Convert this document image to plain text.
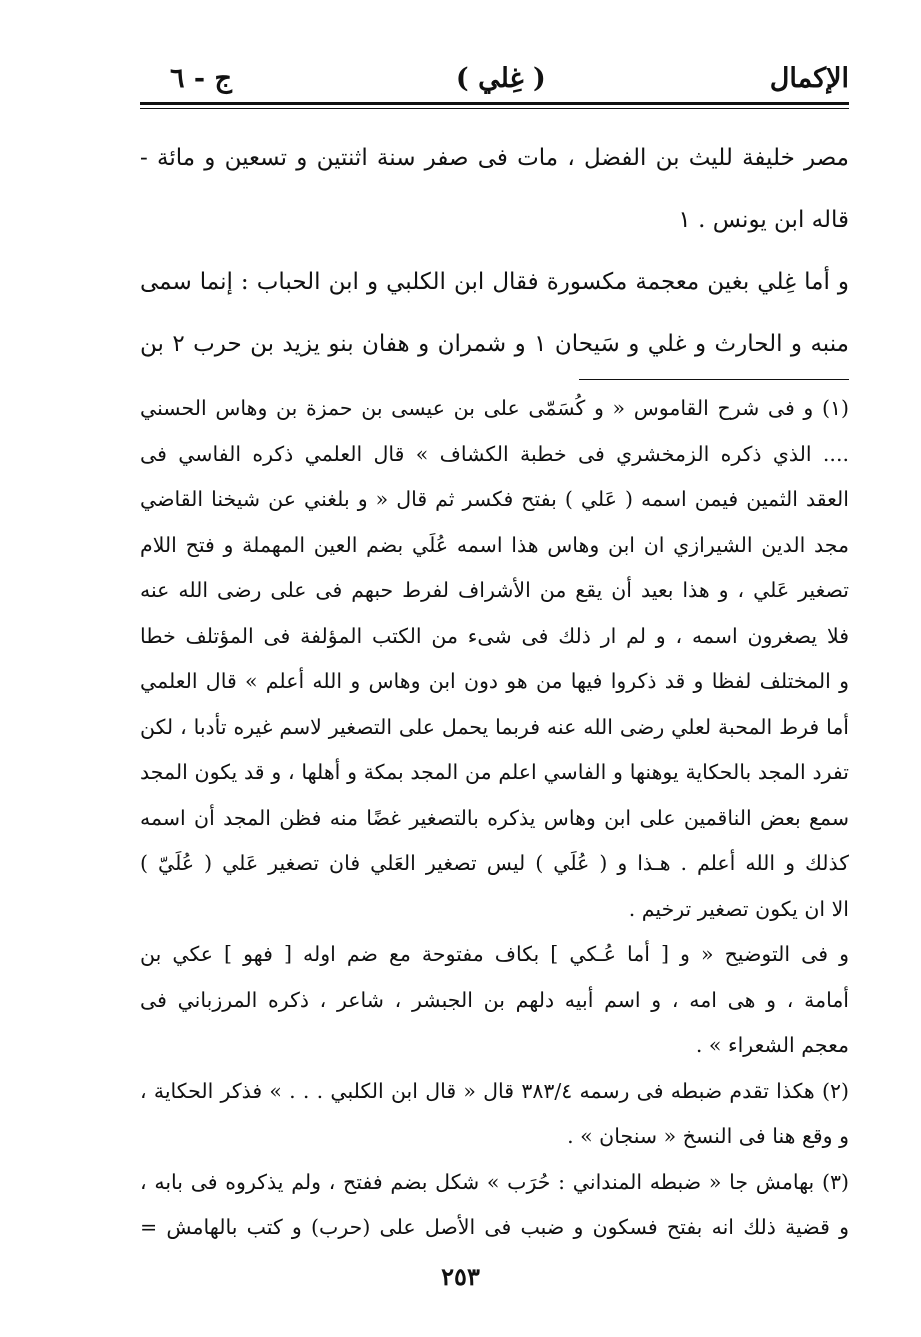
الإكمال
( غِلي )
ج - ٦
مصر خليفة لليث بن الفضل ، مات فى صفر سنة اثنتين و تسعين و مائة -
قاله ابن يونس . ١
و أما غِلي بغين معجمة مكسورة فقال ابن الكلبي و ابن الحباب : إنما سمى
منبه و الحارث و غلي و سَيحان ١ و شمران و هفان بنو يزيد بن حرب ٢ بن
(١) و فى شرح القاموس « و كُسَمّى على بن عيسى بن حمزة بن وهاس الحسني
.... الذي ذكره الزمخشري فى خطبة الكشاف » قال العلمي ذكره الفاسي فى
العقد الثمين فيمن اسمه ( عَلي ) بفتح فكسر ثم قال « و بلغني عن شيخنا القاضي
مجد الدين الشيرازي ان ابن وهاس هذا اسمه عُلَي بضم العين المهملة و فتح اللام
تصغير عَلي ، و هذا بعيد أن يقع من الأشراف لفرط حبهم فى على رضى الله عنه
فلا يصغرون اسمه ، و لم ار ذلك فى شىء من الكتب المؤلفة فى المؤتلف خطا
و المختلف لفظا و قد ذكروا فيها من هو دون ابن وهاس و الله أعلم » قال العلمي
أما فرط المحبة لعلي رضى الله عنه فربما يحمل على التصغير لاسم غيره تأدبا ، لكن
تفرد المجد بالحكاية يوهنها و الفاسي اعلم من المجد بمكة و أهلها ، و قد يكون المجد
سمع بعض الناقمين على ابن وهاس يذكره بالتصغير غضًا منه فظن المجد أن اسمه
كذلك و الله أعلم . هـذا و ( عُلَي ) ليس تصغير العَلي فان تصغير عَلي ( عُلَيّ )
الا ان يكون تصغير ترخيم .
و فى التوضيح « و [ أما عُـكي ] بكاف مفتوحة مع ضم اوله [ فهو ] عكي بن
أمامة ، و هى امه ، و اسم أبيه دلهم بن الجبشر ، شاعر ، ذكره المرزباني فى
معجم الشعراء » .
(٢) هكذا تقدم ضبطه فى رسمه ٣٨٣/٤ قال « قال ابن الكلبي . . . » فذكر الحكاية ،
و وقع هنا فى النسخ « سنجان » .
(٣) بهامش جا « ضبطه المنداني : حُرَب » شكل بضم ففتح ، ولم يذكروه فى بابه ،
و قضية ذلك انه بفتح فسكون و ضبب فى الأصل على (حرب) و كتب بالهامش =
٢٥٣
